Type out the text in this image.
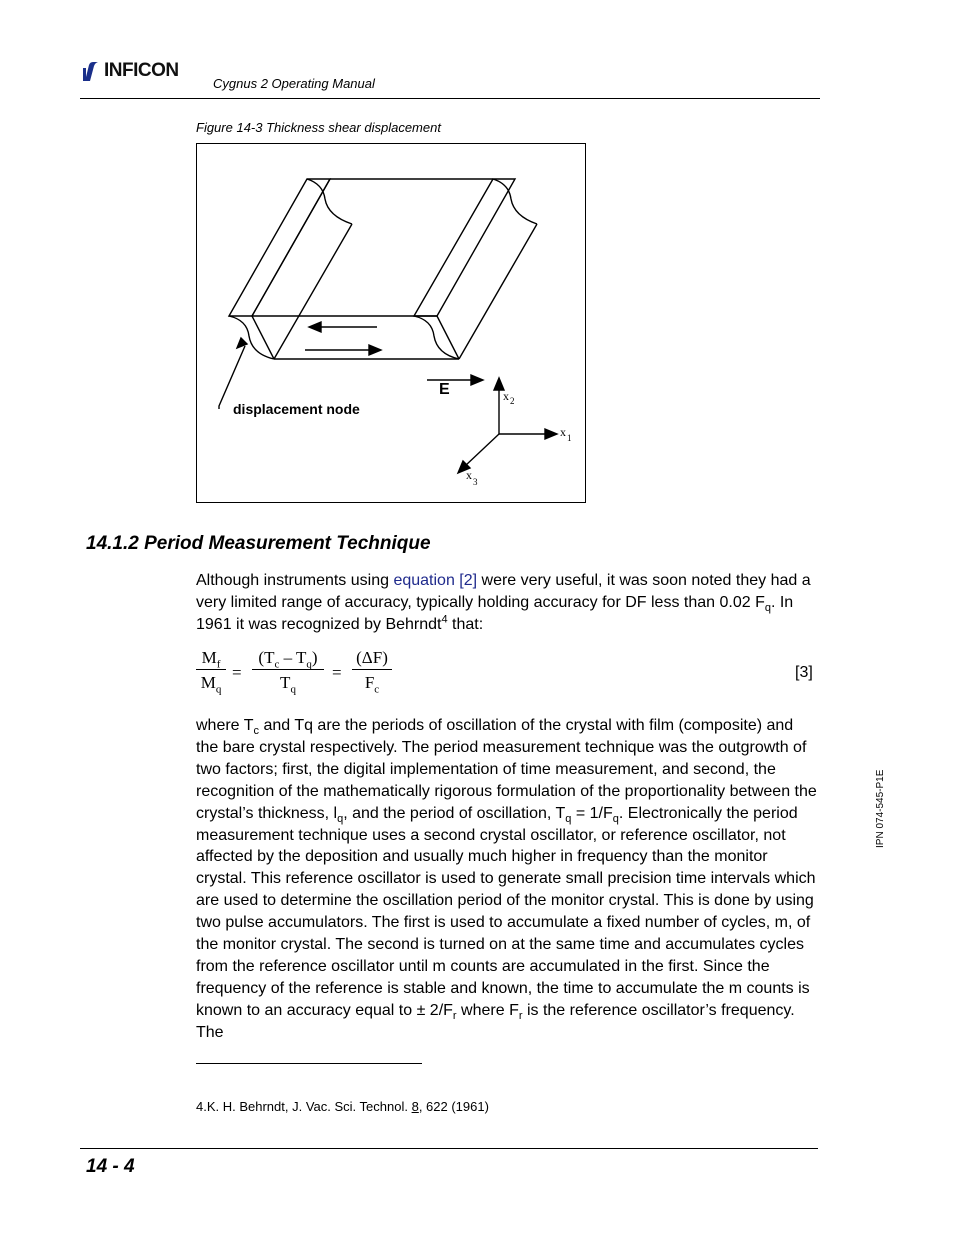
INFICON
Cygnus 2 Operating Manual
Figure 14-3 Thickness shear displacement
displacement node
E	x 2
x 1
x 3
14.1.2 Period Measurement Technique
Although instruments using equation [2] were very useful, it was soon noted they had a very limited range of accuracy, typically holding accuracy for DF less than 0.02 $F_q$. In 1961 it was recognized by Behrndt$^4$ that:
$\frac{M_f}{M_q} = \frac{(T_c - T_q)}{T_q} = \frac{(\Delta F)}{F_c}$	[3]
where $T_c$ and Tq are the periods of oscillation of the crystal with film (composite) and the bare crystal respectively. The period measurement technique was the outgrowth of two factors; first, the digital implementation of time measurement, and second, the recognition of the mathematically rigorous formulation of the proportionality between the crystal’s thickness, $l_q$, and the period of oscillation, $T_q = 1/F_q$. Electronically the period measurement technique uses a second crystal oscillator, or reference oscillator, not affected by the deposition and usually much higher in frequency than the monitor crystal. This reference oscillator is used to generate small precision time intervals which are used to determine the oscillation period of the monitor crystal. This is done by using two pulse accumulators. The first is used to accumulate a fixed number of cycles, m, of the monitor crystal. The second is turned on at the same time and accumulates cycles from the reference oscillator until m counts are accumulated in the first. Since the frequency of the reference is stable and known, the time to accumulate the m counts is known to an accuracy equal to ± $2/F_r$ where $F_r$ is the reference oscillator’s frequency. The
4.K. H. Behrndt, J. Vac. Sci. Technol. 8, 622 (1961)
14 - 4
IPN 074-545-P1E
